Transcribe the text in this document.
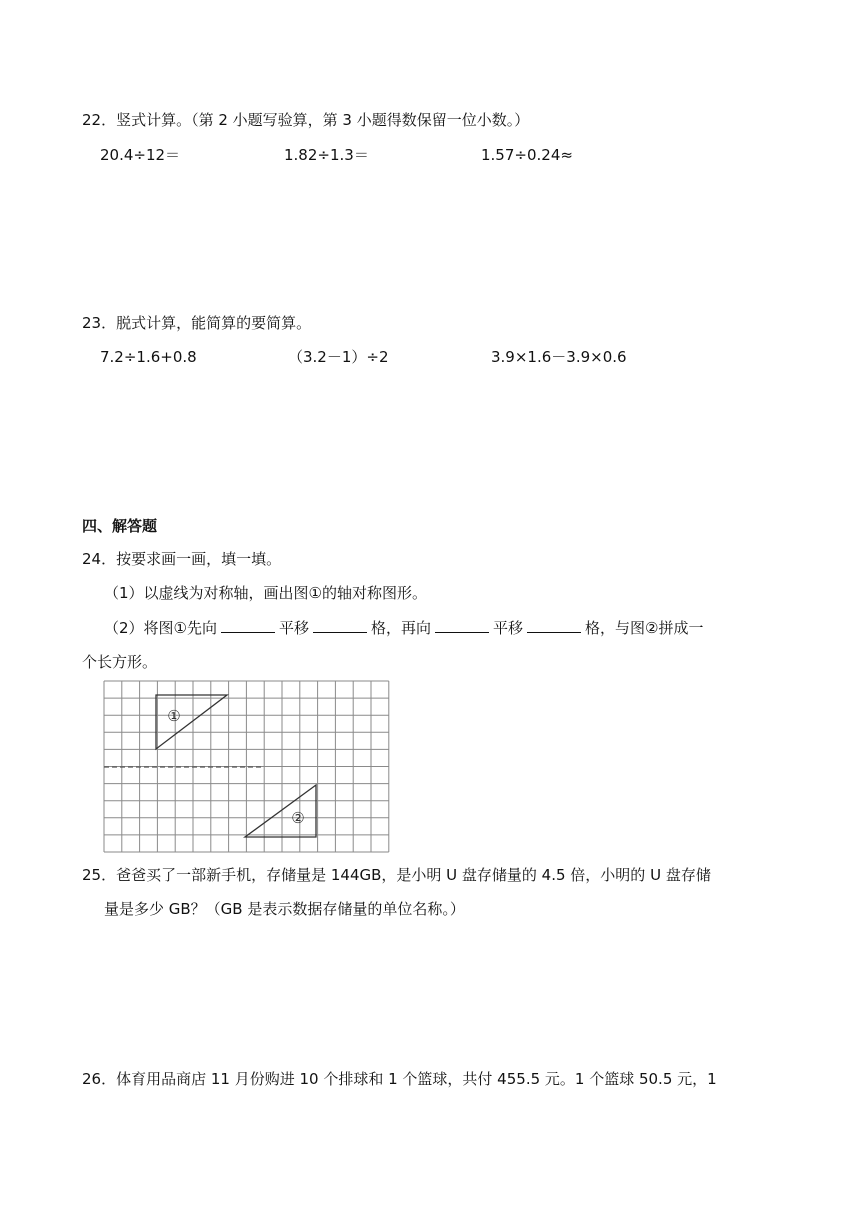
22．竖式计算。（第 2 小题写验算，第 3 小题得数保留一位小数。）
20.4÷12＝	1.82÷1.3＝	1.57÷0.24≈
23．脱式计算，能简算的要简算。
7.2÷1.6+0.8	（3.2－1）÷2	3.9×1.6－3.9×0.6
四、解答题
24．按要求画一画，填一填。
（1）以虚线为对称轴，画出图①的轴对称图形。
（2）将图①先向	平移	格，再向	平移	格，与图②拼成一
个长方形。
①
②
25．爸爸买了一部新手机，存储量是 144GB，是小明 U 盘存储量的 4.5 倍，小明的 U 盘存储
量是多少 GB？（GB 是表示数据存储量的单位名称。）
26．体育用品商店 11 月份购进 10 个排球和 1 个篮球，共付 455.5 元。1 个篮球 50.5 元，1
